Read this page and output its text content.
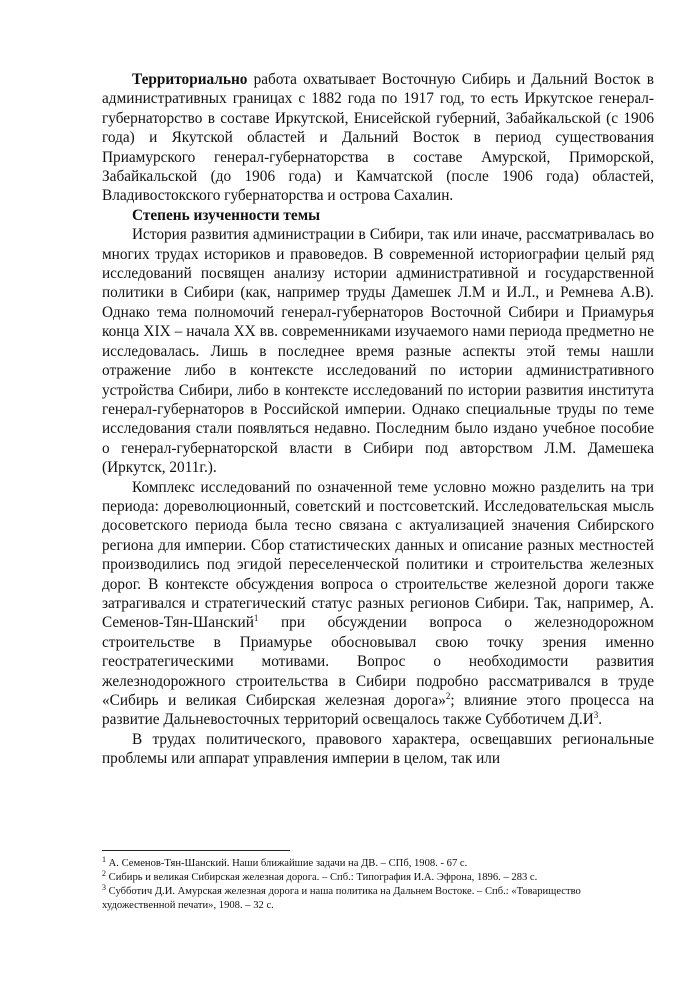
Территориально работа охватывает Восточную Сибирь и Дальний Восток в административных границах с 1882 года по 1917 год, то есть Иркутское генерал-губернаторство в составе Иркутской, Енисейской губерний, Забайкальской (с 1906 года) и Якутской областей и Дальний Восток в период существования Приамурского генерал-губернаторства в составе Амурской, Приморской, Забайкальской (до 1906 года) и Камчатской (после 1906 года) областей, Владивостокского губернаторства и острова Сахалин.

Степень изученности темы

История развития администрации в Сибири, так или иначе, рассматривалась во многих трудах историков и правоведов. В современной историографии целый ряд исследований посвящен анализу истории административной и государственной политики в Сибири (как, например труды Дамешек Л.М и И.Л., и Ремнева А.В). Однако тема полномочий генерал-губернаторов Восточной Сибири и Приамурья конца XIX – начала XX вв. современниками изучаемого нами периода предметно не исследовалась. Лишь в последнее время разные аспекты этой темы нашли отражение либо в контексте исследований по истории административного устройства Сибири, либо в контексте исследований по истории развития института генерал-губернаторов в Российской империи. Однако специальные труды по теме исследования стали появляться недавно. Последним было издано учебное пособие о генерал-губернаторской власти в Сибири под авторством Л.М. Дамешека (Иркутск, 2011г.).

Комплекс исследований по означенной теме условно можно разделить на три периода: дореволюционный, советский и постсоветский. Исследовательская мысль досоветского периода была тесно связана с актуализацией значения Сибирского региона для империи. Сбор статистических данных и описание разных местностей производились под эгидой переселенческой политики и строительства железных дорог. В контексте обсуждения вопроса о строительстве железной дороги также затрагивался и стратегический статус разных регионов Сибири. Так, например, А. Семенов-Тян-Шанский$^1$ при обсуждении вопроса о железнодорожном строительстве в Приамурье обосновывал свою точку зрения именно геостратегическими мотивами. Вопрос о необходимости развития железнодорожного строительства в Сибири подробно рассматривался в труде «Сибирь и великая Сибирская железная дорога»$^2$; влияние этого процесса на развитие Дальневосточных территорий освещалось также Субботичем $Д.И^3$.

В трудах политического, правового характера, освещавших региональные проблемы или аппарат управления империи в целом, так или

$^1$ А. Семенов-Тян-Шанский. Наши ближайшие задачи на ДВ. – СПб, 1908. - 67 с.
$^2$ Сибирь и великая Сибирская железная дорога. – Спб.: Типография И.А. Эфрона, 1896. – 283 с.
$^3$ Субботич Д.И. Амурская железная дорога и наша политика на Дальнем Востоке. – Спб.: «Товарищество художественной печати», 1908. – 32 с.
